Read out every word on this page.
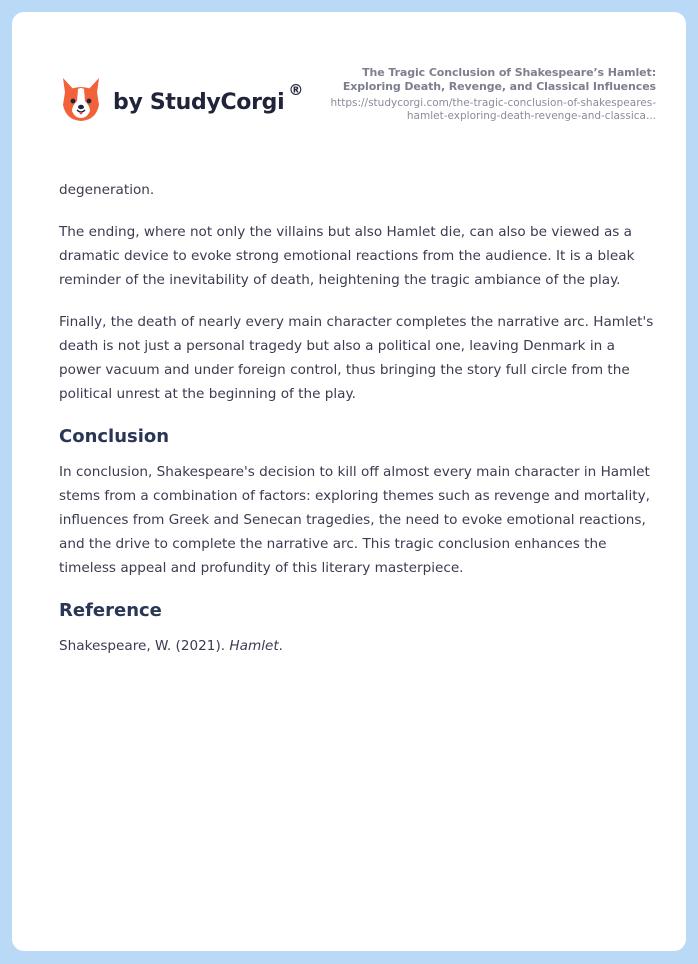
by StudyCorgi ®
The Tragic Conclusion of Shakespeare’s Hamlet: Exploring Death, Revenge, and Classical Influences
https://studycorgi.com/the-tragic-conclusion-of-shakespeares-hamlet-exploring-death-revenge-and-classica...

degeneration.

The ending, where not only the villains but also Hamlet die, can also be viewed as a dramatic device to evoke strong emotional reactions from the audience. It is a bleak reminder of the inevitability of death, heightening the tragic ambiance of the play.

Finally, the death of nearly every main character completes the narrative arc. Hamlet's death is not just a personal tragedy but also a political one, leaving Denmark in a power vacuum and under foreign control, thus bringing the story full circle from the political unrest at the beginning of the play.

Conclusion

In conclusion, Shakespeare's decision to kill off almost every main character in Hamlet stems from a combination of factors: exploring themes such as revenge and mortality, influences from Greek and Senecan tragedies, the need to evoke emotional reactions, and the drive to complete the narrative arc. This tragic conclusion enhances the timeless appeal and profundity of this literary masterpiece.

Reference

Shakespeare, W. (2021). Hamlet.
